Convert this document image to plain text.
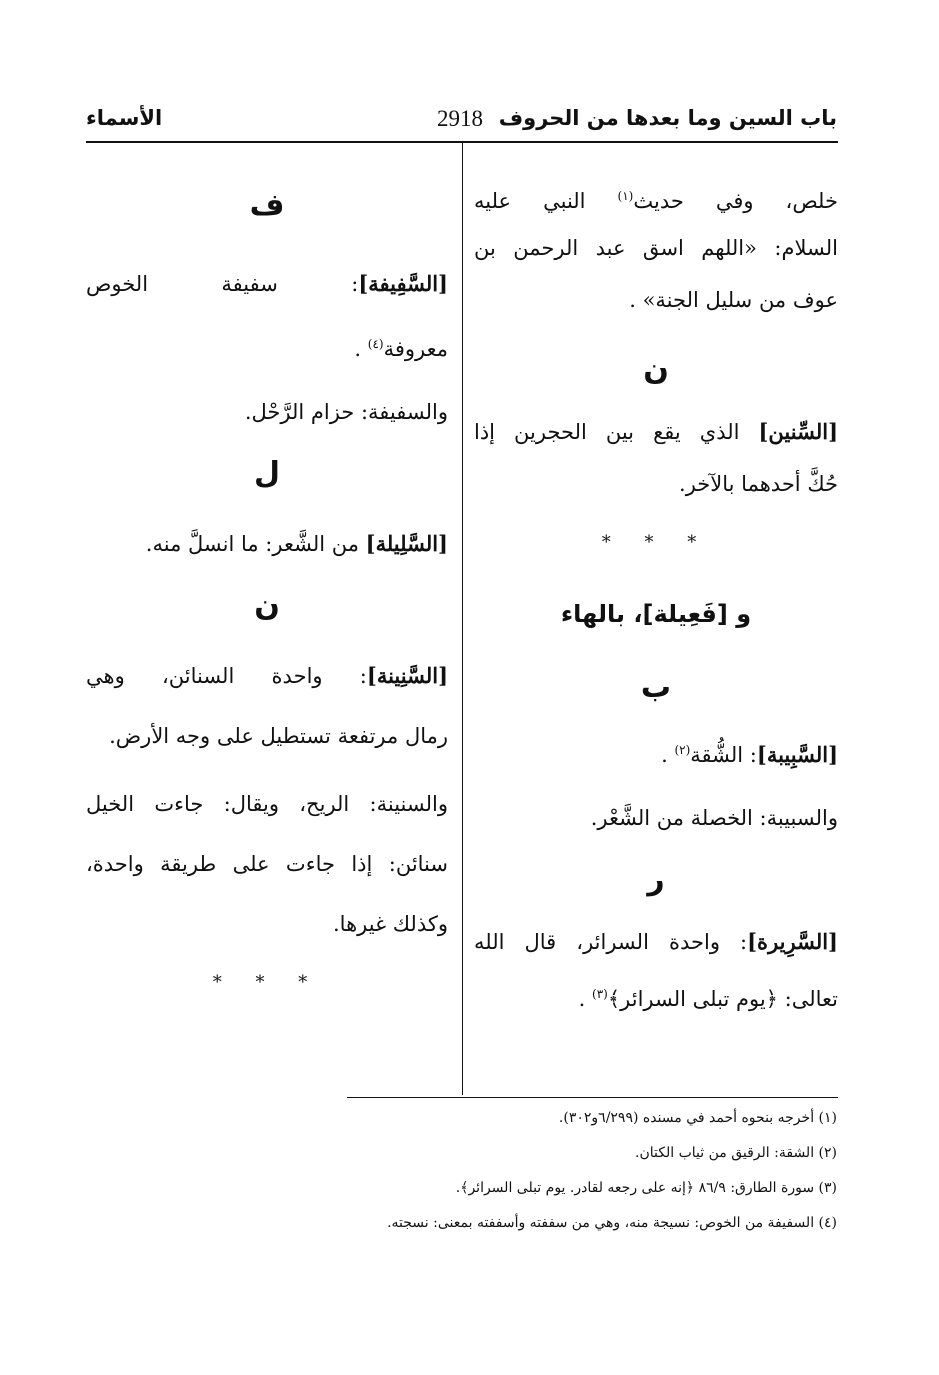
باب السين وما بعدها من الحروف
2918
الأسماء
خلص، وفي حديث$^{(١)}$ النبي عليه
السلام: «اللهم اسق عبد الرحمن بن
عوف من سليل الجنة» .
ن
[السِّنين] الذي يقع بين الحجرين إذا
حُكَّ أحدهما بالآخر.
* * *
و [فَعِيلة]، بالهاء
ب
[السَّبِيبة]: الشُّقة$^{(٢)}$ .
والسبيبة: الخصلة من الشَّعْر.
ر
[السَّرِيرة]: واحدة السرائر، قال الله
تعالى: ﴿يوم تبلى السرائر﴾$^{(٣)}$ .
ف
[السَّفِيفة]: سفيفة الخوص
معروفة$^{(٤)}$ .
والسفيفة: حزام الرَّحْل.
ل
[السَّلِيلة] من الشَّعر: ما انسلَّ منه.
ن
[السَّنِينة]: واحدة السنائن، وهي
رمال مرتفعة تستطيل على وجه الأرض.
والسنينة: الريح، ويقال: جاءت الخيل
سنائن: إذا جاءت على طريقة واحدة،
وكذلك غيرها.
* * *
(١) أخرجه بنحوه أحمد في مسنده (٦/٢٩٩و٣٠٢).
(٢) الشقة: الرقيق من ثياب الكتان.
(٣) سورة الطارق: ٨٦/٩ ﴿إنه على رجعه لقادر. يوم تبلى السرائر﴾.
(٤) السفيفة من الخوص: نسيجة منه، وهي من سففته وأسففته بمعنى: نسجته.
